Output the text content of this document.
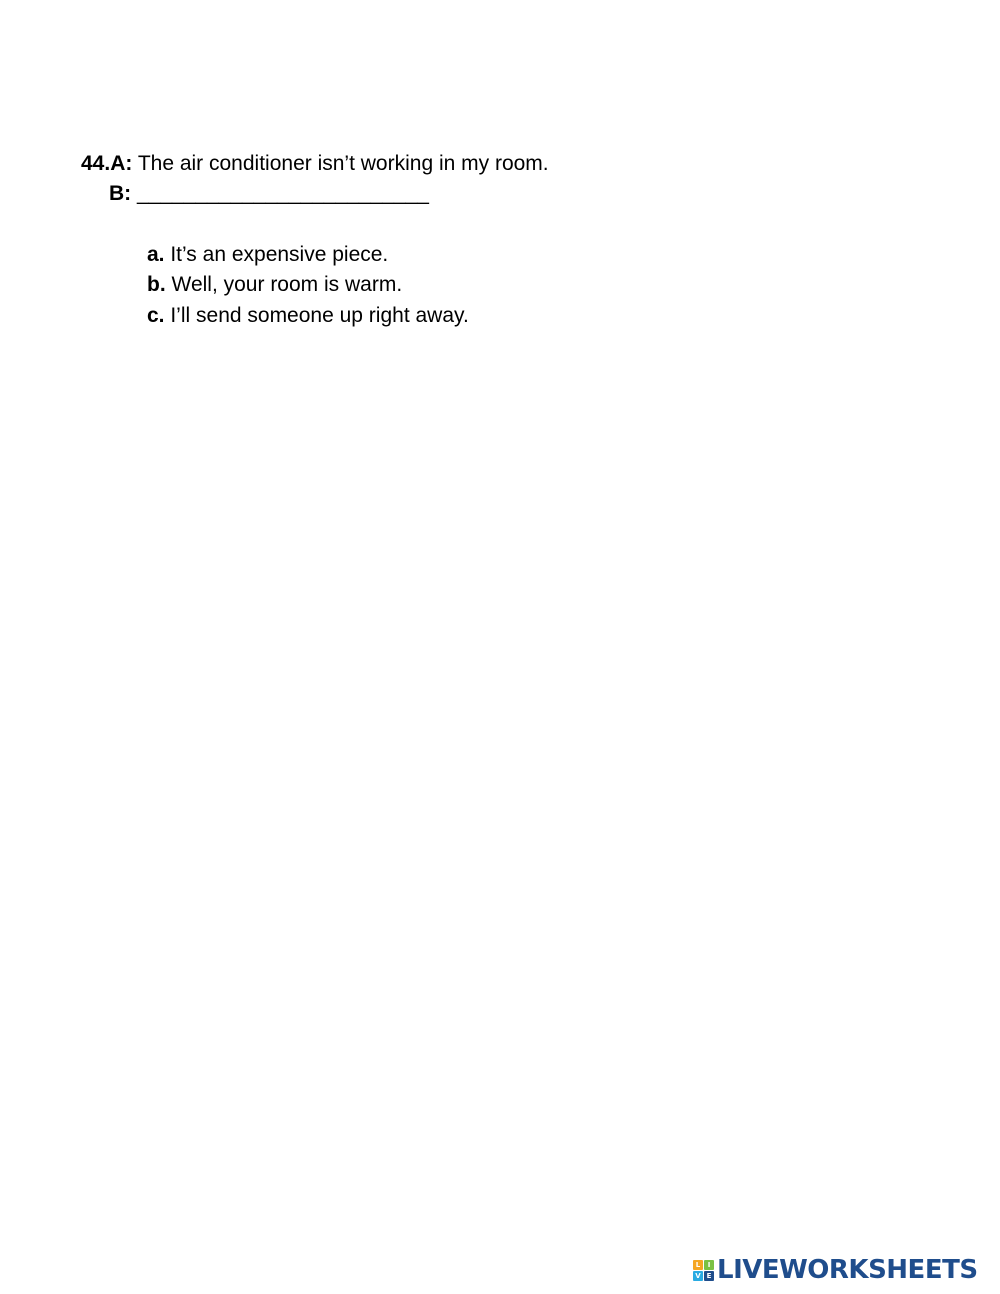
44.A: The air conditioner isn’t working in my room.
B: _________________________
a. It’s an expensive piece.
b. Well, your room is warm.
c. I’ll send someone up right away.
L	I
V E LIVEWORKSHEETS
